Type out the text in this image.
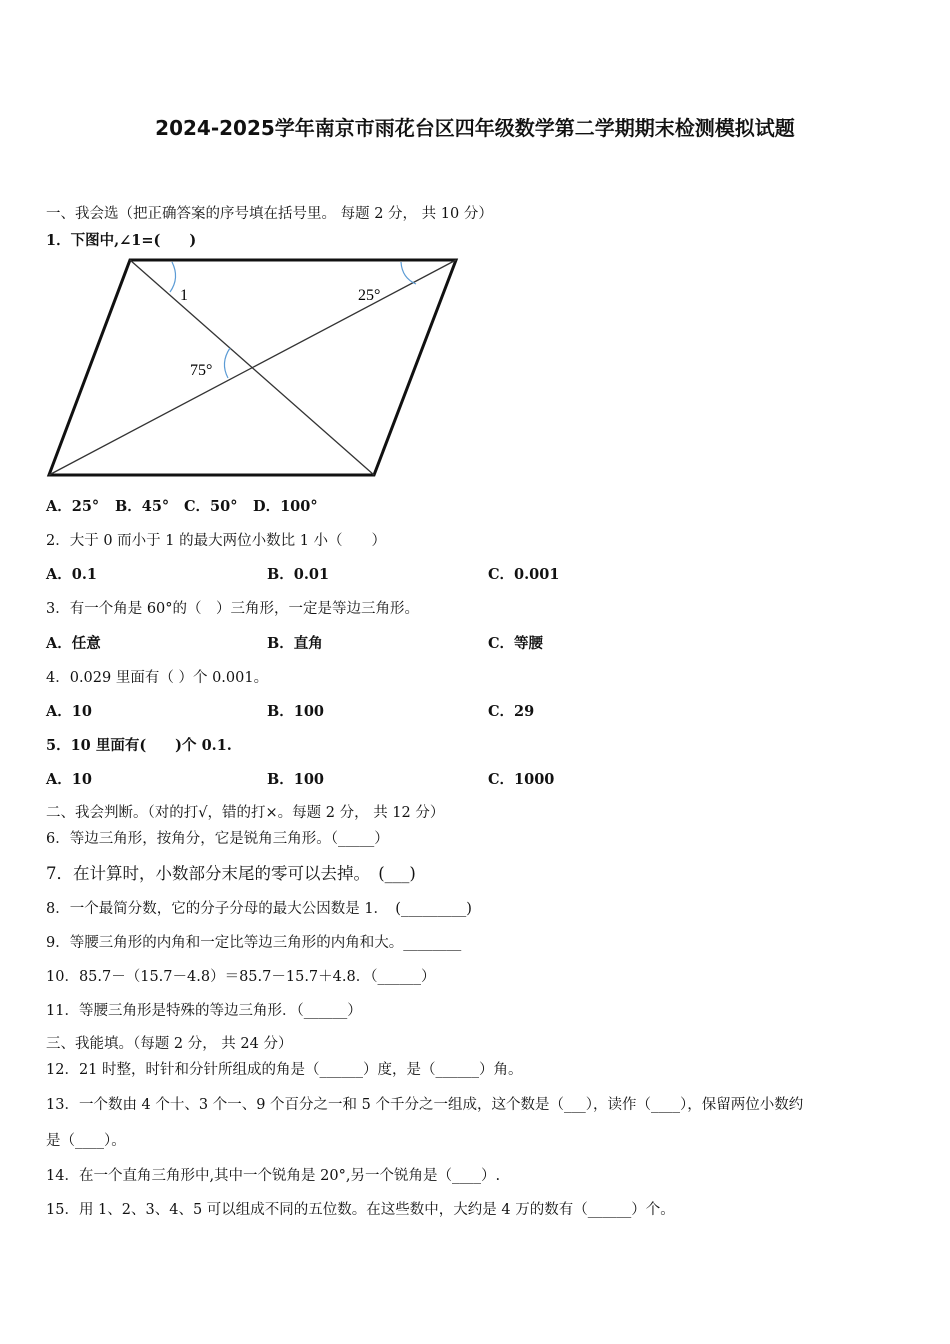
2024-2025学年南京市雨花台区四年级数学第二学期期末检测模拟试题
一、我会选（把正确答案的序号填在括号里。 每题 2 分， 共 10 分）
1．下图中,∠1=(　　)
1	25°
75°
A．25° B．45° C．50° D．100°
2．大于 0 而小于 1 的最大两位小数比 1 小（　　）
A．0.1	B．0.01	C．0.001
3．有一个角是 60°的（　）三角形，一定是等边三角形。
A．任意	B．直角	C．等腰
4．0.029 里面有（ ）个 0.001。
A．10	B．100	C．29
5．10 里面有(　　)个 0.1.
A．10	B．100	C．1000
二、我会判断。（对的打√，错的打×。每题 2 分， 共 12 分）
6．等边三角形，按角分，它是锐角三角形。（_____）
7．在计算时，小数部分末尾的零可以去掉。　(___)
8．一个最简分数，它的分子分母的最大公因数是 1．　(_________)
9．等腰三角形的内角和一定比等边三角形的内角和大。________
10．85.7－（15.7－4.8）＝85.7－15.7＋4.8．（______）
11．等腰三角形是特殊的等边三角形．（______）
三、我能填。（每题 2 分， 共 24 分）
12．21 时整，时针和分针所组成的角是（______）度，是（______）角。
13．一个数由 4 个十、3 个一、9 个百分之一和 5 个千分之一组成，这个数是（___），读作（____），保留两位小数约
是（____）。
14．在一个直角三角形中,其中一个锐角是 20°,另一个锐角是（____）.
15．用 1、2、3、4、5 可以组成不同的五位数。在这些数中，大约是 4 万的数有（______）个。
